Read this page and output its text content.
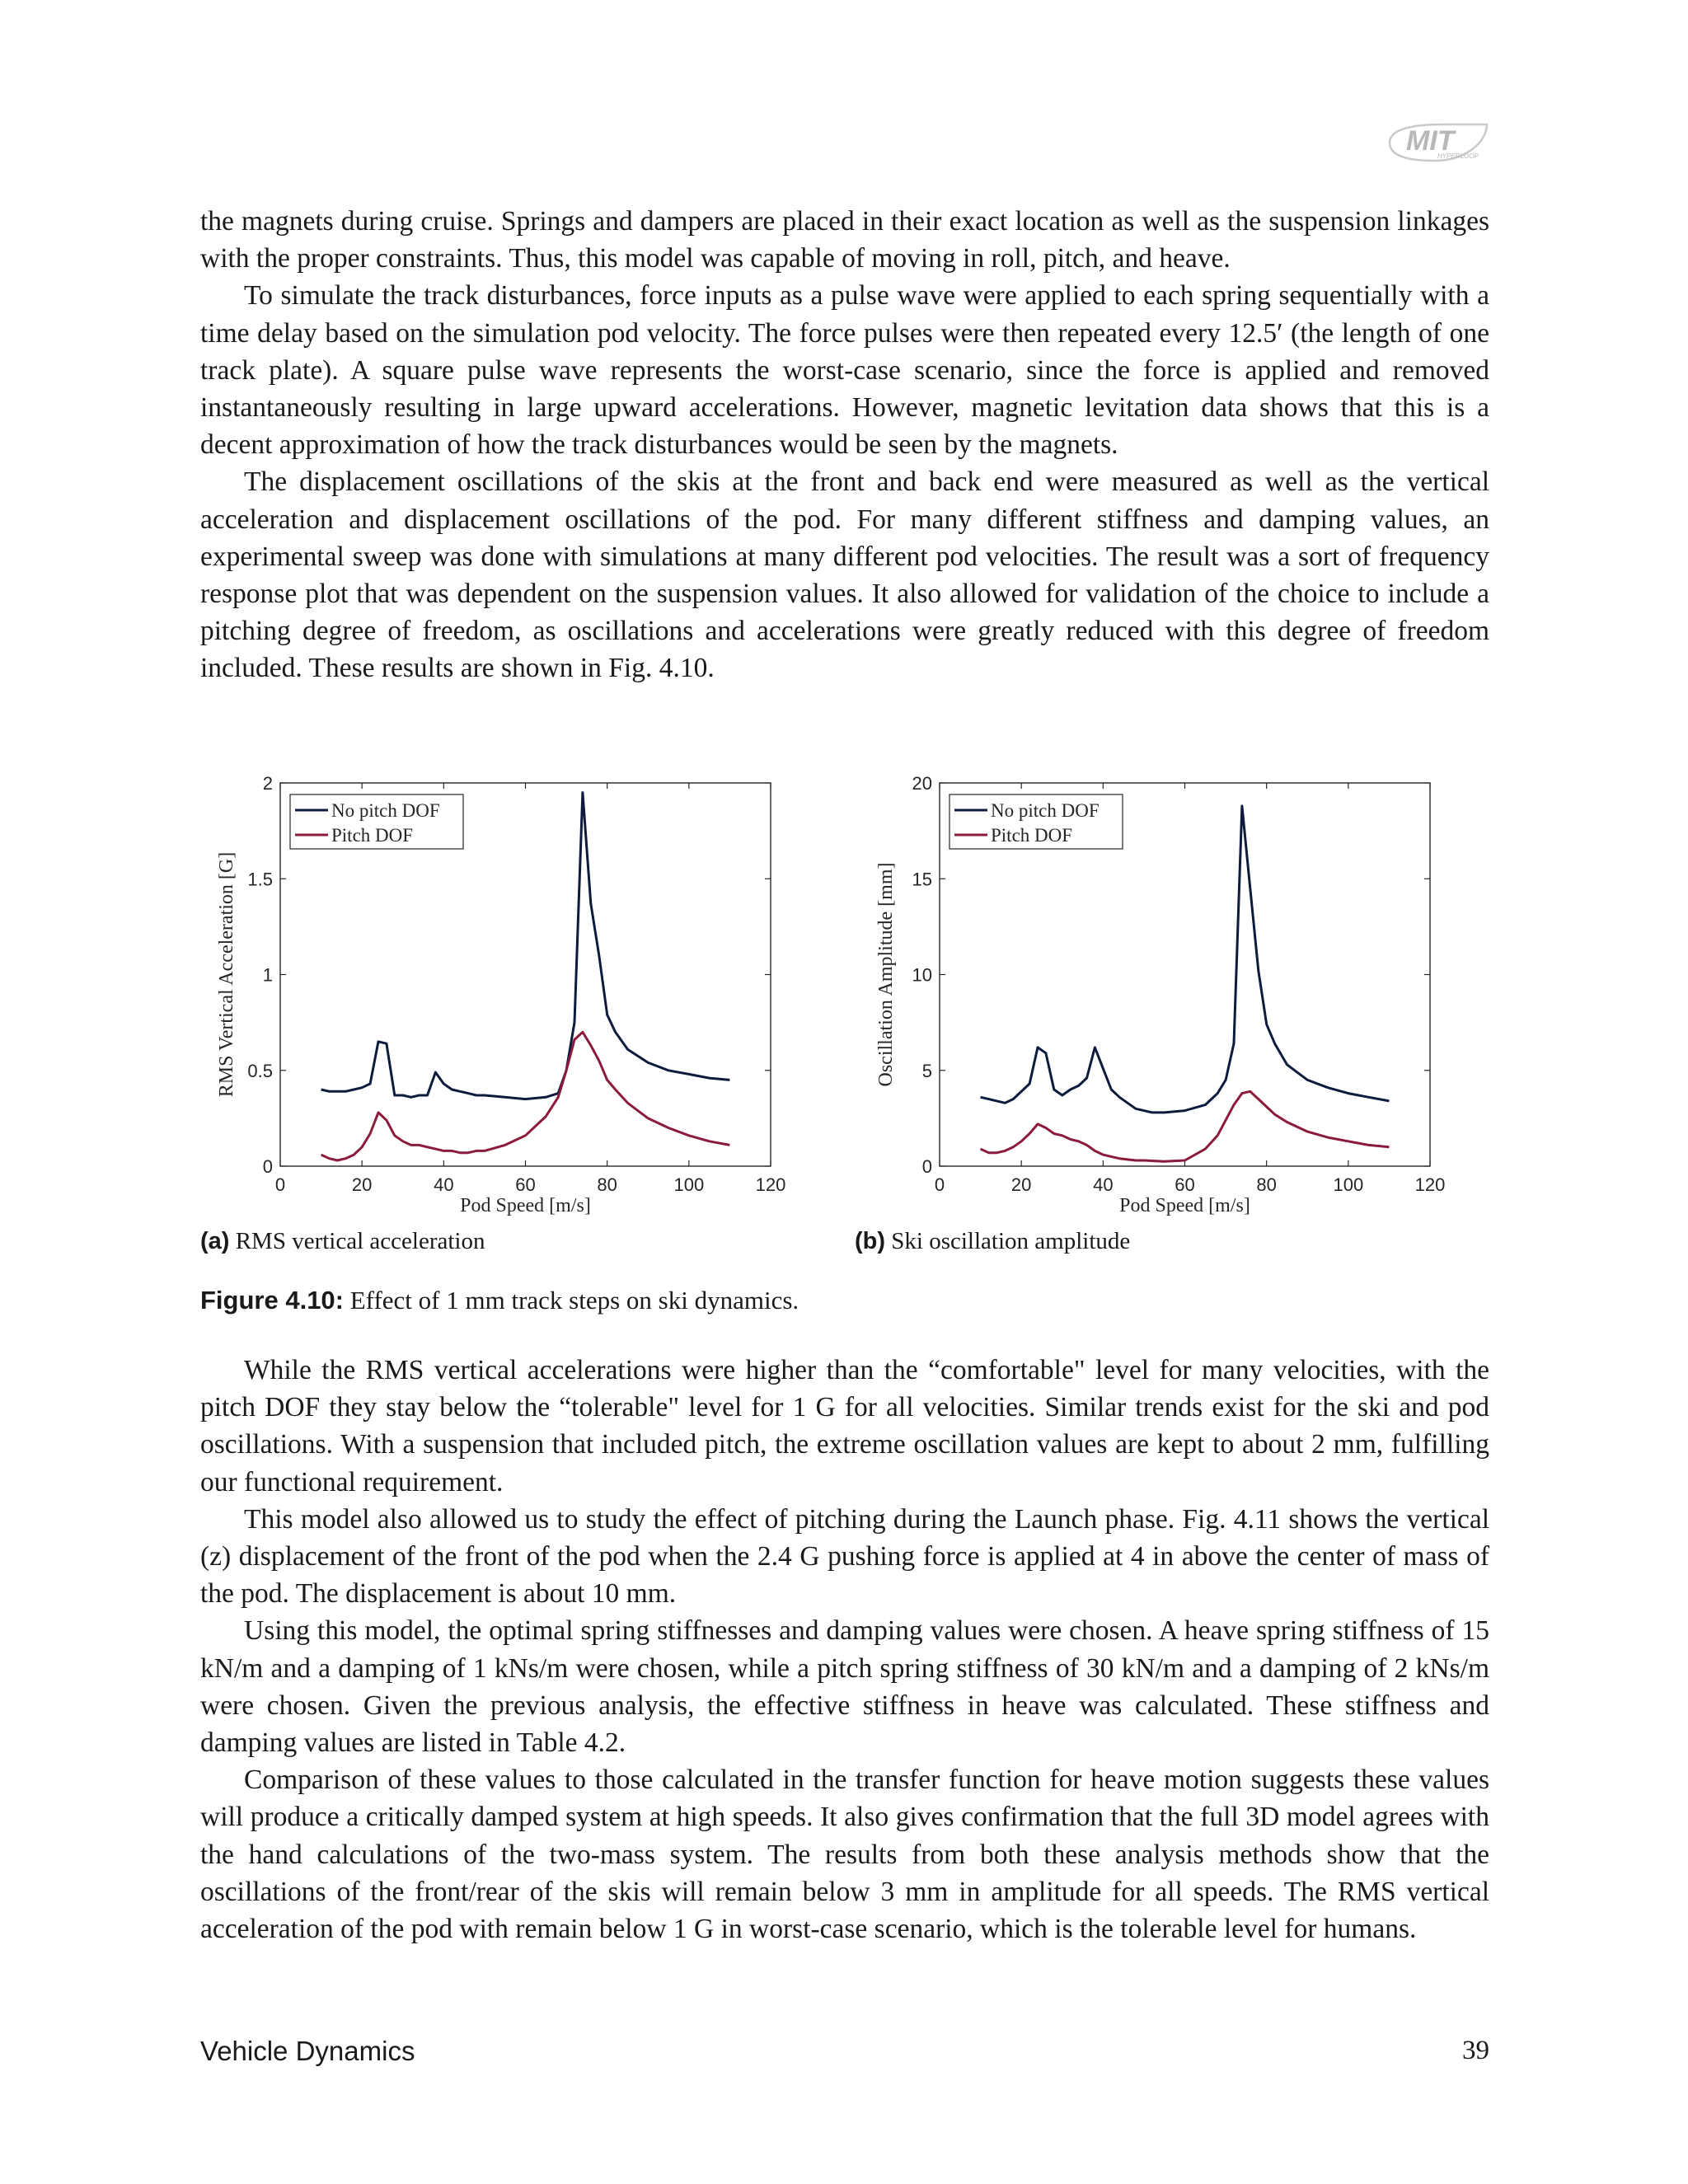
MIT
HYPERLOOP

the magnets during cruise. Springs and dampers are placed in their exact location as well as the suspension linkages with the proper constraints. Thus, this model was capable of moving in roll, pitch, and heave.

To simulate the track disturbances, force inputs as a pulse wave were applied to each spring sequentially with a time delay based on the simulation pod velocity. The force pulses were then repeated every 12.5′ (the length of one track plate). A square pulse wave represents the worst-case scenario, since the force is applied and removed instantaneously resulting in large upward accelerations. However, magnetic levitation data shows that this is a decent approximation of how the track disturbances would be seen by the magnets.

The displacement oscillations of the skis at the front and back end were measured as well as the vertical acceleration and displacement oscillations of the pod. For many different stiffness and damping values, an experimental sweep was done with simulations at many different pod velocities. The result was a sort of frequency response plot that was dependent on the suspension values. It also allowed for validation of the choice to include a pitching degree of freedom, as oscillations and accelerations were greatly reduced with this degree of freedom included. These results are shown in Fig. 4.10.

0	20	40	60	80	100	120
0
0.5
1
1.5
2
Pod Speed [m/s]
RMS Vertical Acceleration [G]
No pitch DOF
Pitch DOF
(a) RMS vertical acceleration
0	20	40	60	80	100	120
0
5
10
15
20
Pod Speed [m/s]
Oscillation Amplitude [mm]
No pitch DOF
Pitch DOF
(b) Ski oscillation amplitude
Figure 4.10: Effect of 1 mm track steps on ski dynamics.

While the RMS vertical accelerations were higher than the “comfortable" level for many velocities, with the pitch DOF they stay below the “tolerable" level for 1 G for all velocities. Similar trends exist for the ski and pod oscillations. With a suspension that included pitch, the extreme oscillation values are kept to about 2 mm, fulfilling our functional requirement.

This model also allowed us to study the effect of pitching during the Launch phase. Fig. 4.11 shows the vertical (z) displacement of the front of the pod when the 2.4 G pushing force is applied at 4 in above the center of mass of the pod. The displacement is about 10 mm.

Using this model, the optimal spring stiffnesses and damping values were chosen. A heave spring stiffness of 15 kN/m and a damping of 1 kNs/m were chosen, while a pitch spring stiffness of 30 kN/m and a damping of 2 kNs/m were chosen. Given the previous analysis, the effective stiffness in heave was calculated. These stiffness and damping values are listed in Table 4.2.

Comparison of these values to those calculated in the transfer function for heave motion suggests these values will produce a critically damped system at high speeds. It also gives confirmation that the full 3D model agrees with the hand calculations of the two-mass system. The results from both these analysis methods show that the oscillations of the front/rear of the skis will remain below 3 mm in amplitude for all speeds. The RMS vertical acceleration of the pod with remain below 1 G in worst-case scenario, which is the tolerable level for humans.

Vehicle Dynamics	39
